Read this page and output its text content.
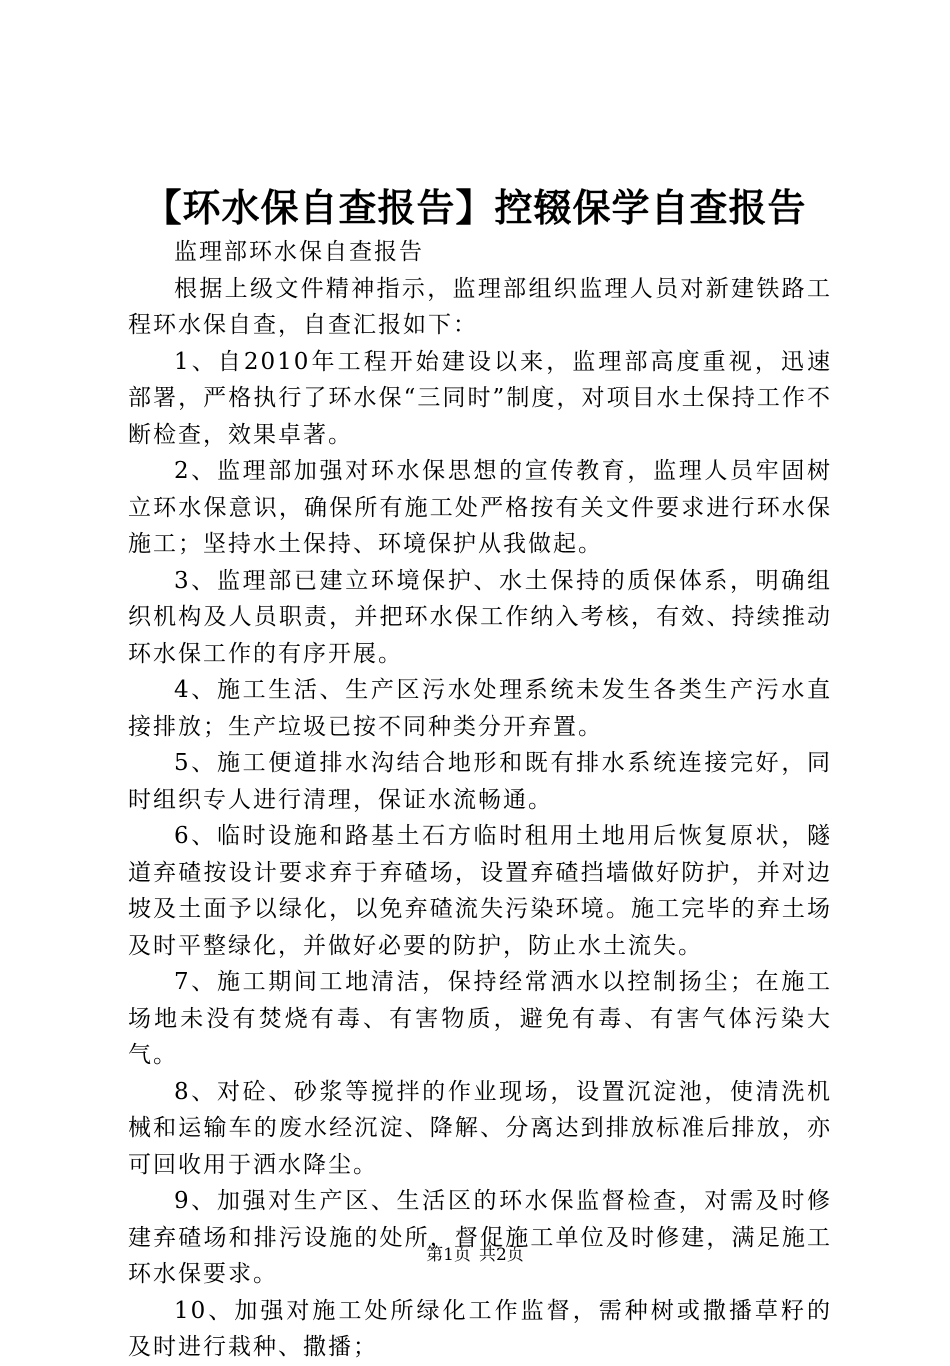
【环水保自查报告】控辍保学自查报告

监理部环水保自查报告

根据上级文件精神指示，监理部组织监理人员对新建铁路工程环水保自查，自查汇报如下：

1、自2010年工程开始建设以来，监理部高度重视，迅速部署，严格执行了环水保“三同时”制度，对项目水土保持工作不断检查，效果卓著。

2、监理部加强对环水保思想的宣传教育，监理人员牢固树立环水保意识，确保所有施工处严格按有关文件要求进行环水保施工；坚持水土保持、环境保护从我做起。

3、监理部已建立环境保护、水土保持的质保体系，明确组织机构及人员职责，并把环水保工作纳入考核，有效、持续推动环水保工作的有序开展。

4、施工生活、生产区污水处理系统未发生各类生产污水直接排放；生产垃圾已按不同种类分开弃置。

5、施工便道排水沟结合地形和既有排水系统连接完好，同时组织专人进行清理，保证水流畅通。

6、临时设施和路基土石方临时租用土地用后恢复原状，隧道弃碴按设计要求弃于弃碴场，设置弃碴挡墙做好防护，并对边坡及土面予以绿化，以免弃碴流失污染环境。施工完毕的弃土场及时平整绿化，并做好必要的防护，防止水土流失。

7、施工期间工地清洁，保持经常洒水以控制扬尘；在施工场地未没有焚烧有毒、有害物质，避免有毒、有害气体污染大气。

8、对砼、砂浆等搅拌的作业现场，设置沉淀池，使清洗机械和运输车的废水经沉淀、降解、分离达到排放标准后排放，亦可回收用于洒水降尘。

9、加强对生产区、生活区的环水保监督检查，对需及时修建弃碴场和排污设施的处所，督促施工单位及时修建，满足施工环水保要求。

10、加强对施工处所绿化工作监督，需种树或撒播草籽的及时进行栽种、撒播；

第1页 共2页
